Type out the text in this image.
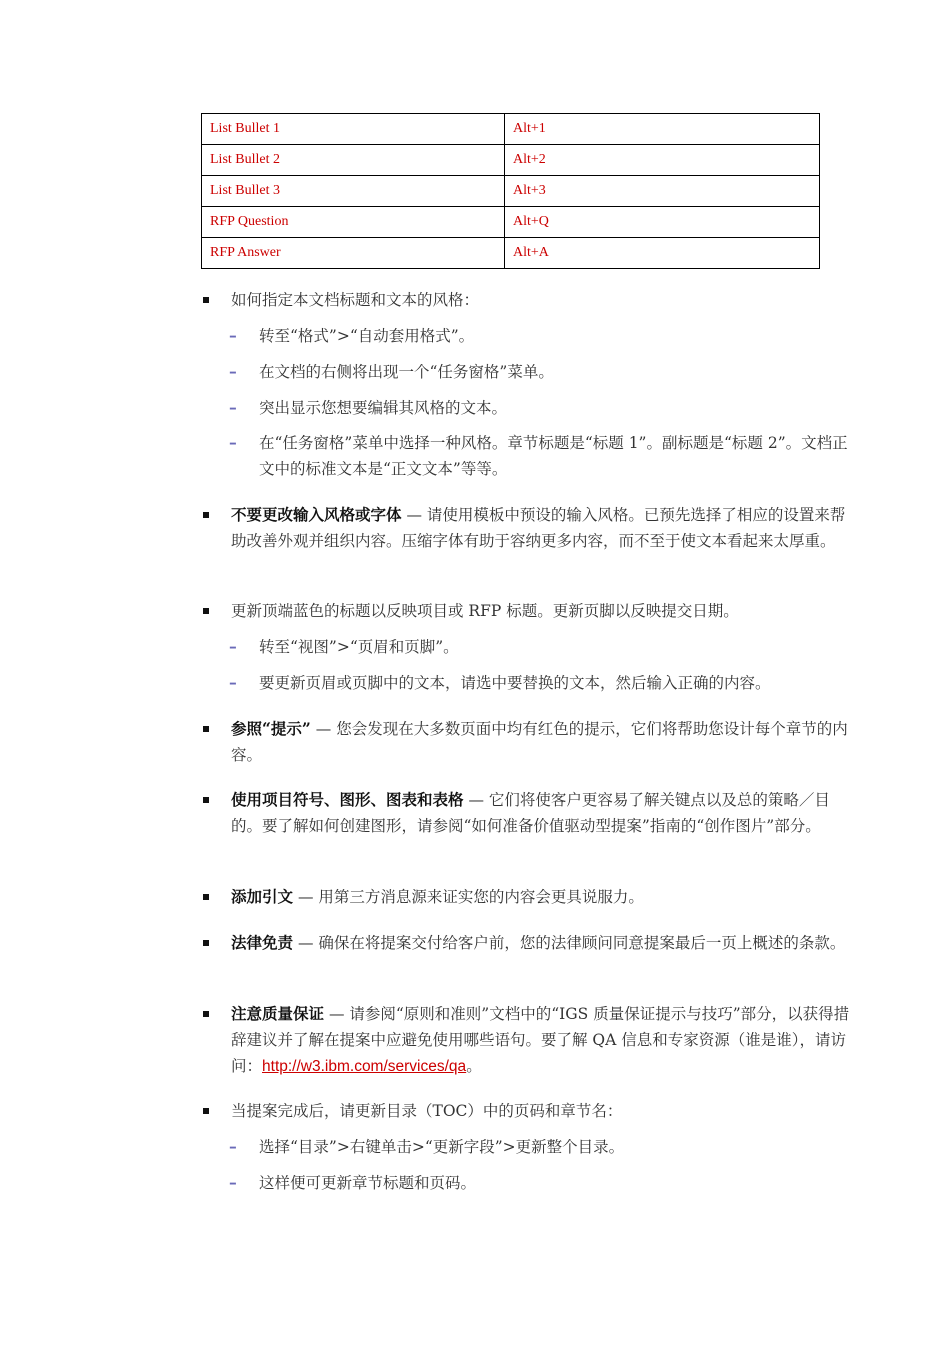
List Bullet 1	Alt+1
List Bullet 2	Alt+2
List Bullet 3	Alt+3
RFP Question	Alt+Q
RFP Answer	Alt+A
如何指定本文档标题和文本的风格：
– 转至“格式”>“自动套用格式”。
– 在文档的右侧将出现一个“任务窗格”菜单。
– 突出显示您想要编辑其风格的文本。
– 在“任务窗格”菜单中选择一种风格。章节标题是“标题 1”。副标题是“标题 2”。文档正文中的标准文本是“正文文本”等等。
不要更改输入风格或字体 — 请使用模板中预设的输入风格。已预先选择了相应的设置来帮助改善外观并组织内容。压缩字体有助于容纳更多内容，而不至于使文本看起来太厚重。
更新顶端蓝色的标题以反映项目或 RFP 标题。更新页脚以反映提交日期。
– 转至“视图”>“页眉和页脚”。
– 要更新页眉或页脚中的文本，请选中要替换的文本，然后输入正确的内容。
参照“提示” — 您会发现在大多数页面中均有红色的提示，它们将帮助您设计每个章节的内容。
使用项目符号、图形、图表和表格 — 它们将使客户更容易了解关键点以及总的策略／目的。要了解如何创建图形，请参阅“如何准备价值驱动型提案”指南的“创作图片”部分。
添加引文 — 用第三方消息源来证实您的内容会更具说服力。
法律免责 — 确保在将提案交付给客户前，您的法律顾问同意提案最后一页上概述的条款。
注意质量保证 — 请参阅“原则和准则”文档中的“IGS 质量保证提示与技巧”部分，以获得措辞建议并了解在提案中应避免使用哪些语句。要了解 QA 信息和专家资源（谁是谁），请访问：http://w3.ibm.com/services/qa。
当提案完成后，请更新目录（TOC）中的页码和章节名：
– 选择“目录”>右键单击>“更新字段”>更新整个目录。
– 这样便可更新章节标题和页码。
